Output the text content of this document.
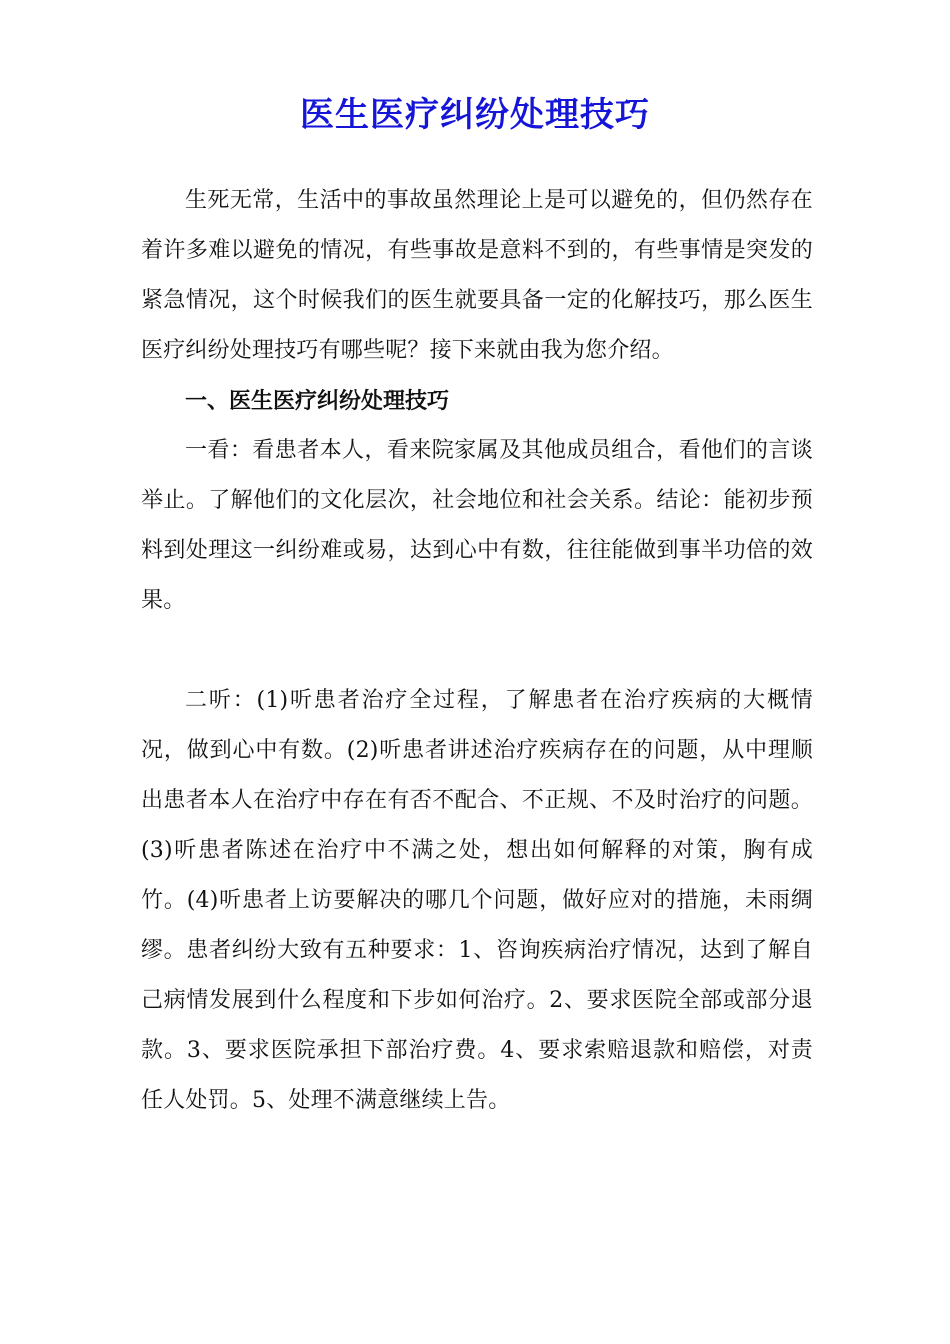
医生医疗纠纷处理技巧

生死无常，生活中的事故虽然理论上是可以避免的，但仍然存在着许多难以避免的情况，有些事故是意料不到的，有些事情是突发的紧急情况，这个时候我们的医生就要具备一定的化解技巧，那么医生医疗纠纷处理技巧有哪些呢？接下来就由我为您介绍。

一、医生医疗纠纷处理技巧

一看：看患者本人，看来院家属及其他成员组合，看他们的言谈举止。了解他们的文化层次，社会地位和社会关系。结论：能初步预料到处理这一纠纷难或易，达到心中有数，往往能做到事半功倍的效果。

二听：(1)听患者治疗全过程，了解患者在治疗疾病的大概情况，做到心中有数。(2)听患者讲述治疗疾病存在的问题，从中理顺出患者本人在治疗中存在有否不配合、不正规、不及时治疗的问题。(3)听患者陈述在治疗中不满之处，想出如何解释的对策，胸有成竹。(4)听患者上访要解决的哪几个问题，做好应对的措施，未雨绸缪。患者纠纷大致有五种要求：1、咨询疾病治疗情况，达到了解自己病情发展到什么程度和下步如何治疗。2、要求医院全部或部分退款。3、要求医院承担下部治疗费。4、要求索赔退款和赔偿，对责任人处罚。5、处理不满意继续上告。
